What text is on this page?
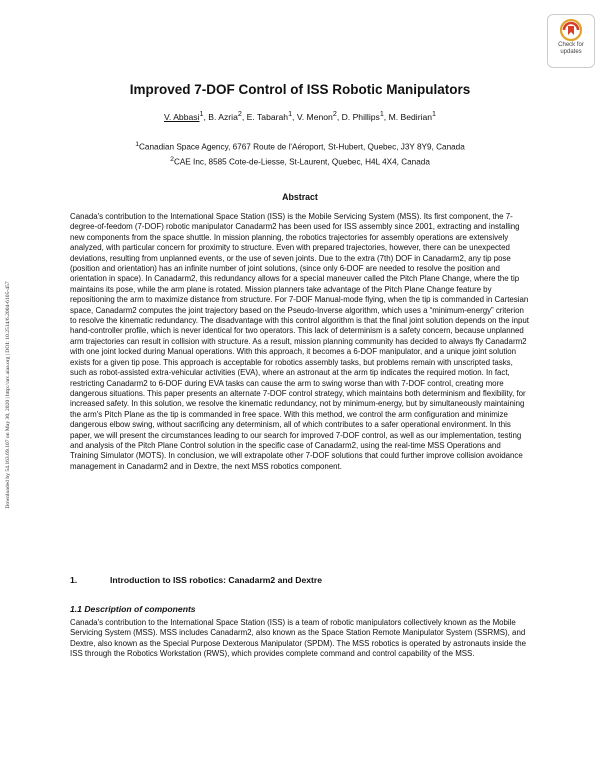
Downloaded by 54.163.69.107 on May 30, 2020 | http://arc.aiaa.org | DOI: 10.2514/6.2004-6105-457
Check for
updates
Improved 7-DOF Control of ISS Robotic Manipulators
V. Abbasi$^1$, B. Azria$^2$, E. Tabarah$^1$, V. Menon$^2$, D. Phillips$^1$, M. Bedirian$^1$
$^1$Canadian Space Agency, 6767 Route de l'Aéroport, St-Hubert, Quebec, J3Y 8Y9, Canada
$^2$CAE Inc, 8585 Cote-de-Liesse, St-Laurent, Quebec, H4L 4X4, Canada
Abstract

Canada's contribution to the International Space Station (ISS) is the Mobile Servicing System (MSS). Its first component, the 7-degree-of-feedom (7-DOF) robotic manipulator Canadarm2 has been used for ISS assembly since 2001, extracting and installing new components from the space shuttle. In mission planning, the robotics trajectories for assembly operations are extensively analyzed, with particular concern for proximity to structure. Even with prepared trajectories, however, there can be unexpected deviations, resulting from unplanned events, or the use of seven joints. Due to the extra (7th) DOF in Canadarm2, any tip pose (position and orientation) has an infinite number of joint solutions, (since only 6-DOF are needed to resolve the position and orientation in space). In Canadarm2, this redundancy allows for a special maneuver called the Pitch Plane Change, where the tip maintains its pose, while the arm plane is rotated. Mission planners take advantage of the Pitch Plane Change feature by repositioning the arm to maximize distance from structure. For 7-DOF Manual-mode flying, when the tip is commanded in Cartesian space, Canadarm2 computes the joint trajectory based on the Pseudo-Inverse algorithm, which uses a “minimum-energy” criterion to resolve the kinematic redundancy. The disadvantage with this control algorithm is that the final joint solution depends on the input hand-controller profile, which is never identical for two operators. This lack of determinism is a safety concern, because unplanned arm trajectories can result in collision with structure. As a result, mission planning community has decided to always fly Canadarm2 with one joint locked during Manual operations. With this approach, it becomes a 6-DOF manipulator, and a unique joint solution exists for a given tip pose. This approach is acceptable for robotics assembly tasks, but problems remain with unscripted tasks, such as robot-assisted extra-vehicular activities (EVA), where an astronaut at the arm tip indicates the required motion. In fact, restricting Canadarm2 to 6-DOF during EVA tasks can cause the arm to swing worse than with 7-DOF control, creating more dangerous situations. This paper presents an alternate 7-DOF control strategy, which maintains both determinism and flexibility, for increased safety. In this solution, we resolve the kinematic redundancy, not by minimum-energy, but by simultaneously maintaining the arm's Pitch Plane as the tip is commanded in free space. With this method, we control the arm configuration and minimize dangerous elbow swing, without sacrificing any determinism, all of which contributes to a safer operational environment. In this paper, we will present the circumstances leading to our search for improved 7-DOF control, as well as our implementation, testing and analysis of the Pitch Plane Control solution in the specific case of Canadarm2, using the real-time MSS Operations and Training Simulator (MOTS). In conclusion, we will extrapolate other 7-DOF solutions that could further improve collision avoidance management in Canadarm2 and in Dextre, the next MSS robotics component.

1.	Introduction to ISS robotics: Canadarm2 and Dextre
1.1 Description of components

Canada's contribution to the International Space Station (ISS) is a team of robotic manipulators collectively known as the Mobile Servicing System (MSS). MSS includes Canadarm2, also known as the Space Station Remote Manipulator System (SSRMS), and Dextre, also known as the Special Purpose Dexterous Manipulator (SPDM). The MSS robotics is operated by astronauts inside the ISS through the Robotics Workstation (RWS), which provides complete command and control capability of the MSS.
